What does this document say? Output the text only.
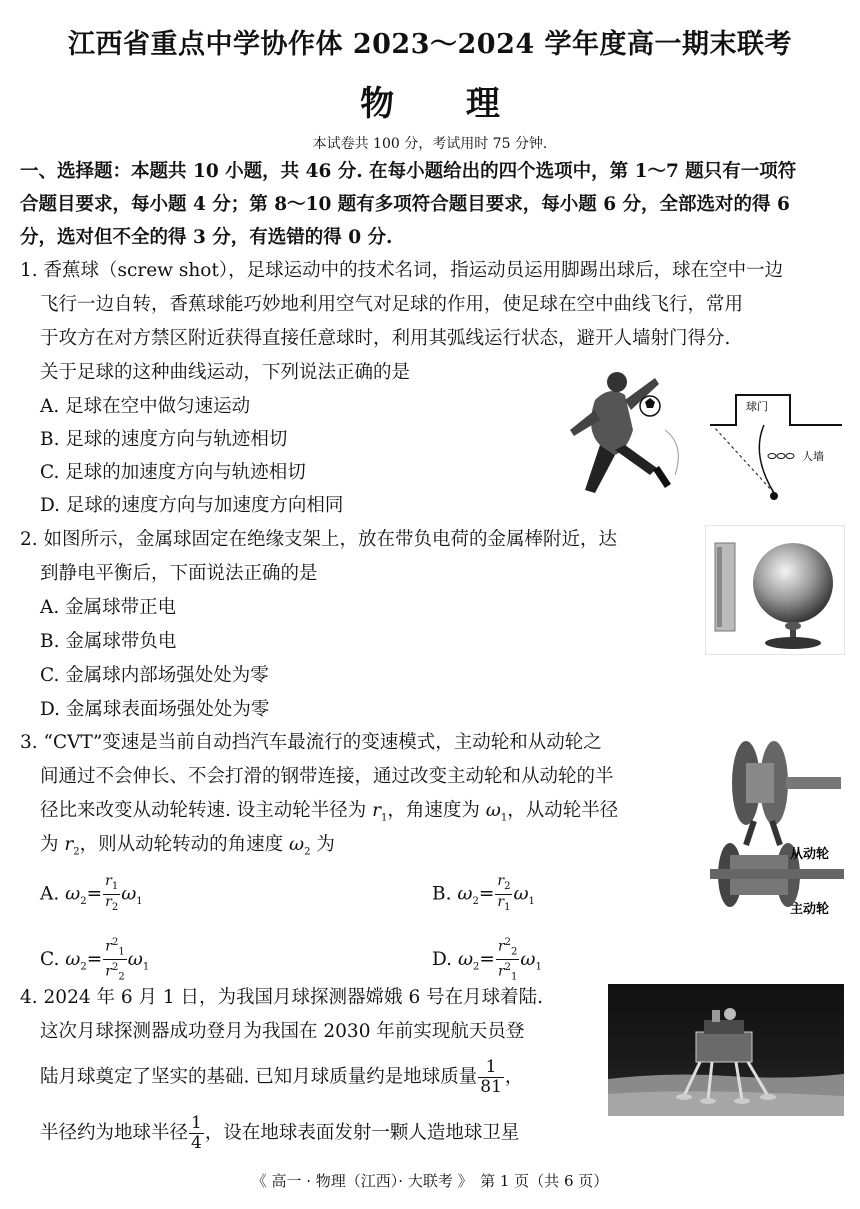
江西省重点中学协作体 2023～2024 学年度高一期末联考
物 理
本试卷共 100 分，考试用时 75 分钟.
一、选择题：本题共 10 小题，共 46 分. 在每小题给出的四个选项中，第 1～7 题只有一项符
合题目要求，每小题 4 分；第 8～10 题有多项符合题目要求，每小题 6 分，全部选对的得 6
分，选对但不全的得 3 分，有选错的得 0 分.
1. 香蕉球（screw shot），足球运动中的技术名词，指运动员运用脚踢出球后，球在空中一边
飞行一边自转，香蕉球能巧妙地利用空气对足球的作用，使足球在空中曲线飞行，常用
于攻方在对方禁区附近获得直接任意球时，利用其弧线运行状态，避开人墙射门得分.
关于足球的这种曲线运动，下列说法正确的是
A. 足球在空中做匀速运动
B. 足球的速度方向与轨迹相切
C. 足球的加速度方向与轨迹相切
D. 足球的速度方向与加速度方向相同
球门
人墙
2. 如图所示，金属球固定在绝缘支架上，放在带负电荷的金属棒附近，达
到静电平衡后，下面说法正确的是
A. 金属球带正电
B. 金属球带负电
C. 金属球内部场强处处为零
D. 金属球表面场强处处为零
3. “CVT”变速是当前自动挡汽车最流行的变速模式，主动轮和从动轮之
间通过不会伸长、不会打滑的钢带连接，通过改变主动轮和从动轮的半
径比来改变从动轮转速. 设主动轮半径为 $r_1$，角速度为 $\omega_1$，从动轮半径
为 $r_2$，则从动轮转动的角速度 $\omega_2$ 为
A. $\omega_2= \frac{r_1}{r_2} \omega_1$	B. $\omega_2= \frac{r_2}{r_1} \omega_1$
C. $\omega_2= \frac{r^2_1}{r^2_2} \omega_1$	D. $\omega_2= \frac{r^2_2}{r^2_1} \omega_1$
从动轮
主动轮
4. 2024 年 6 月 1 日，为我国月球探测器嫦娥 6 号在月球着陆.
这次月球探测器成功登月为我国在 2030 年前实现航天员登
陆月球奠定了坚实的基础. 已知月球质量约是地球质量 $\frac{1}{81}$ ，
半径约为地球半径 $\frac{1}{4}$ ，设在地球表面发射一颗人造地球卫星
《 高一 · 物理（江西）· 大联考 》　第 1 页（共 6 页）
